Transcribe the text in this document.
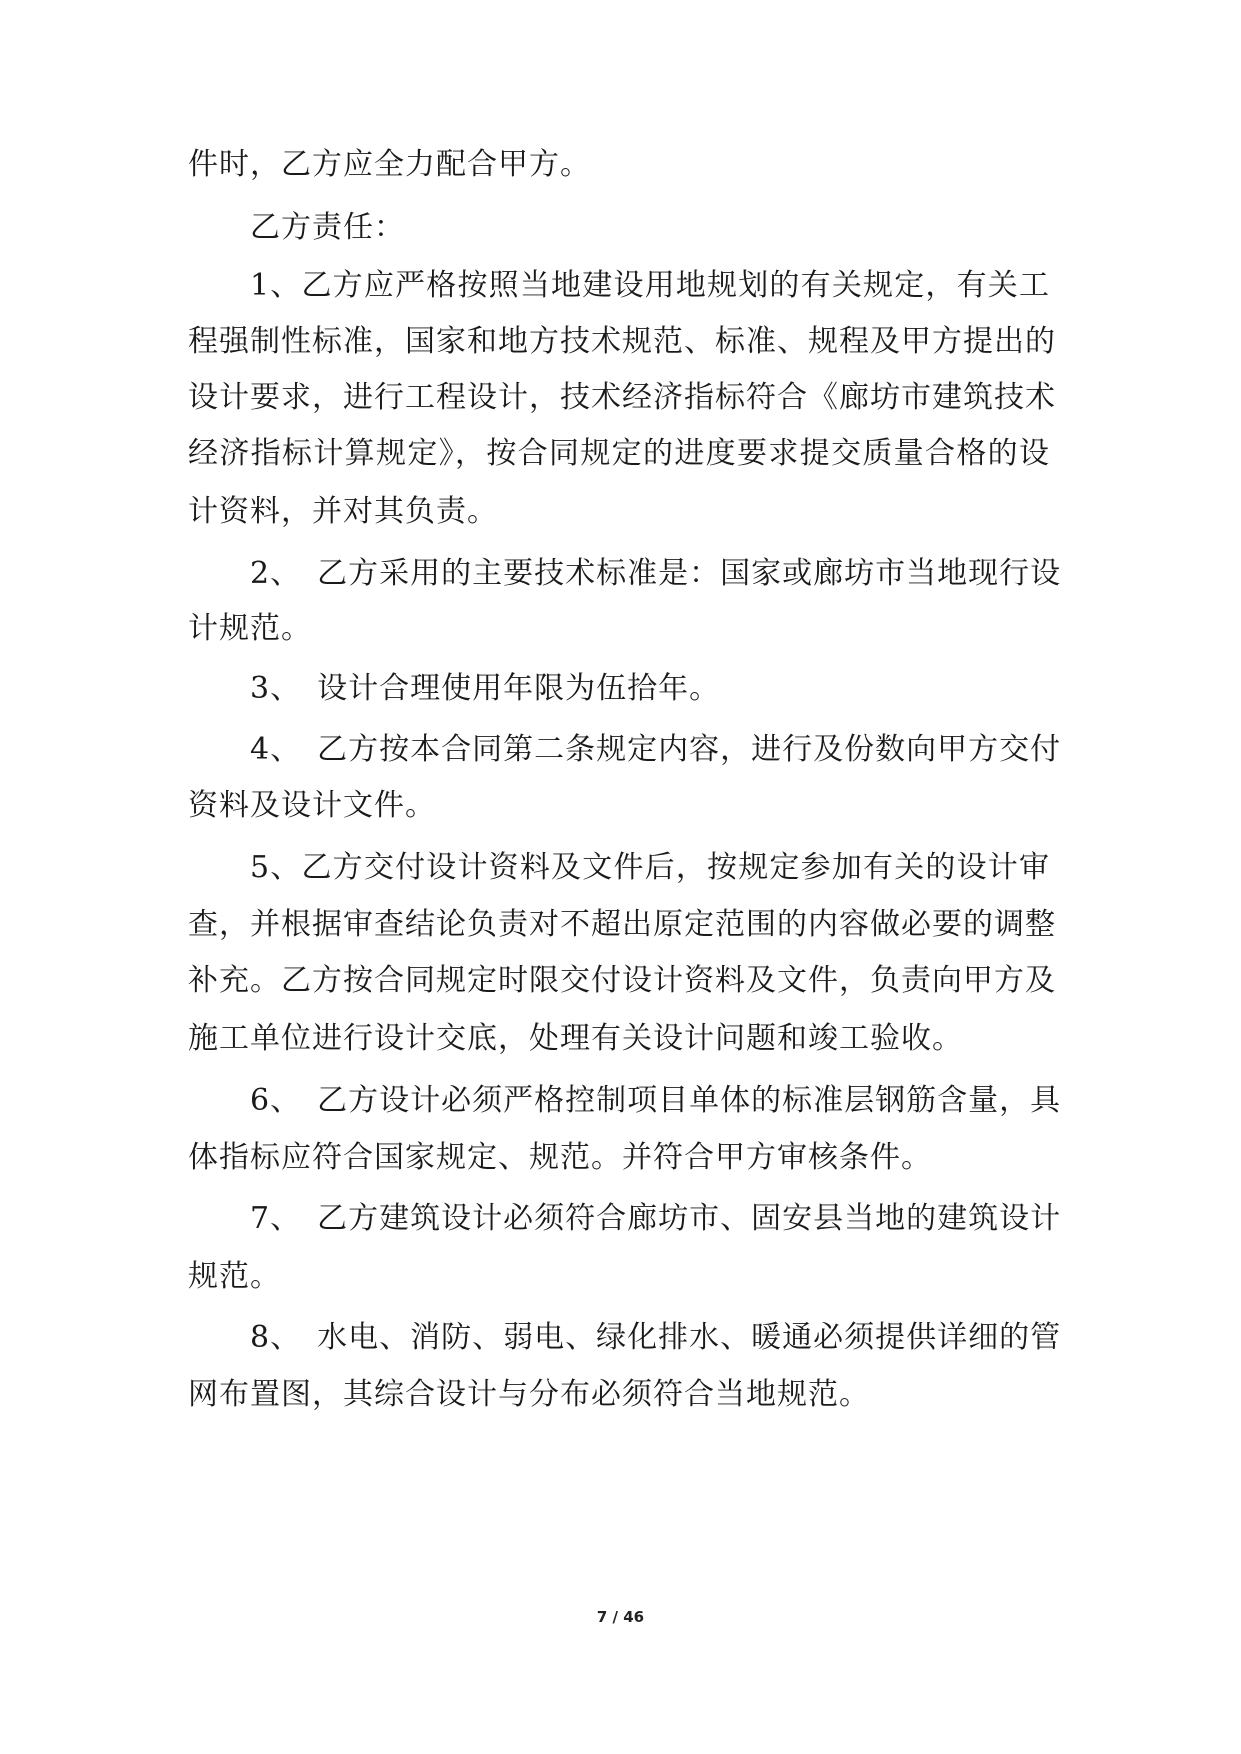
件时，乙方应全力配合甲方。
乙方责任：
1、乙方应严格按照当地建设用地规划的有关规定，有关工
程强制性标准，国家和地方技术规范、标准、规程及甲方提出的
设计要求，进行工程设计，技术经济指标符合《廊坊市建筑技术
经济指标计算规定》，按合同规定的进度要求提交质量合格的设
计资料，并对其负责。
2、　乙方采用的主要技术标准是：国家或廊坊市当地现行设
计规范。
3、　设计合理使用年限为伍拾年。
4、　乙方按本合同第二条规定内容，进行及份数向甲方交付
资料及设计文件。
5、乙方交付设计资料及文件后，按规定参加有关的设计审
查，并根据审查结论负责对不超出原定范围的内容做必要的调整
补充。乙方按合同规定时限交付设计资料及文件，负责向甲方及
施工单位进行设计交底，处理有关设计问题和竣工验收。
6、　乙方设计必须严格控制项目单体的标准层钢筋含量，具
体指标应符合国家规定、规范。并符合甲方审核条件。
7、　乙方建筑设计必须符合廊坊市、固安县当地的建筑设计
规范。
8、　水电、消防、弱电、绿化排水、暖通必须提供详细的管
网布置图，其综合设计与分布必须符合当地规范。
7 / 46
